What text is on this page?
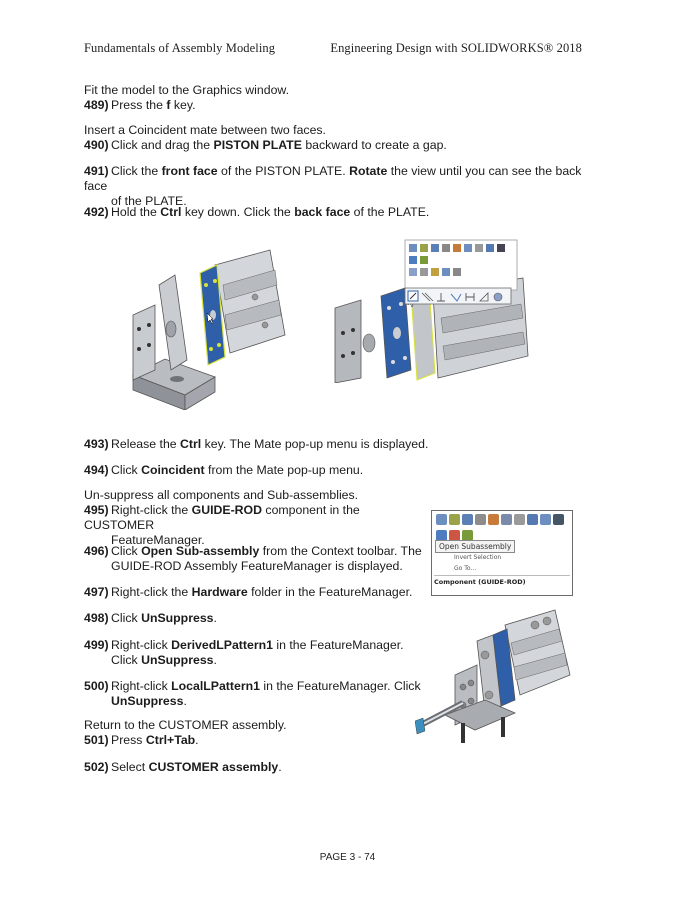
Fundamentals of Assembly Modeling	Engineering Design with SOLIDWORKS® 2018
Fit the model to the Graphics window.
489) Press the f key.
Insert a Coincident mate between two faces.
490) Click and drag the PISTON PLATE backward to create a gap.
491) Click the front face of the PISTON PLATE. Rotate the view until you can see the back face
of the PLATE.
492) Hold the Ctrl key down. Click the back face of the PLATE.
493) Release the Ctrl key. The Mate pop-up menu is displayed.
494) Click Coincident from the Mate pop-up menu.
Un-suppress all components and Sub-assemblies.
495) Right-click the GUIDE-ROD component in the CUSTOMER
FeatureManager.
496) Click Open Sub-assembly from the Context toolbar. The
GUIDE-ROD Assembly FeatureManager is displayed.
497) Right-click the Hardware folder in the FeatureManager.
Open Subassembly
Invert Selection
Go To...
Component (GUIDE-ROD)
498) Click UnSuppress.
499) Right-click DerivedLPattern1 in the FeatureManager.
Click UnSuppress.
500) Right-click LocalLPattern1 in the FeatureManager. Click
UnSuppress.
Return to the CUSTOMER assembly.
501) Press Ctrl+Tab.
502) Select CUSTOMER assembly.
PAGE 3 - 74
